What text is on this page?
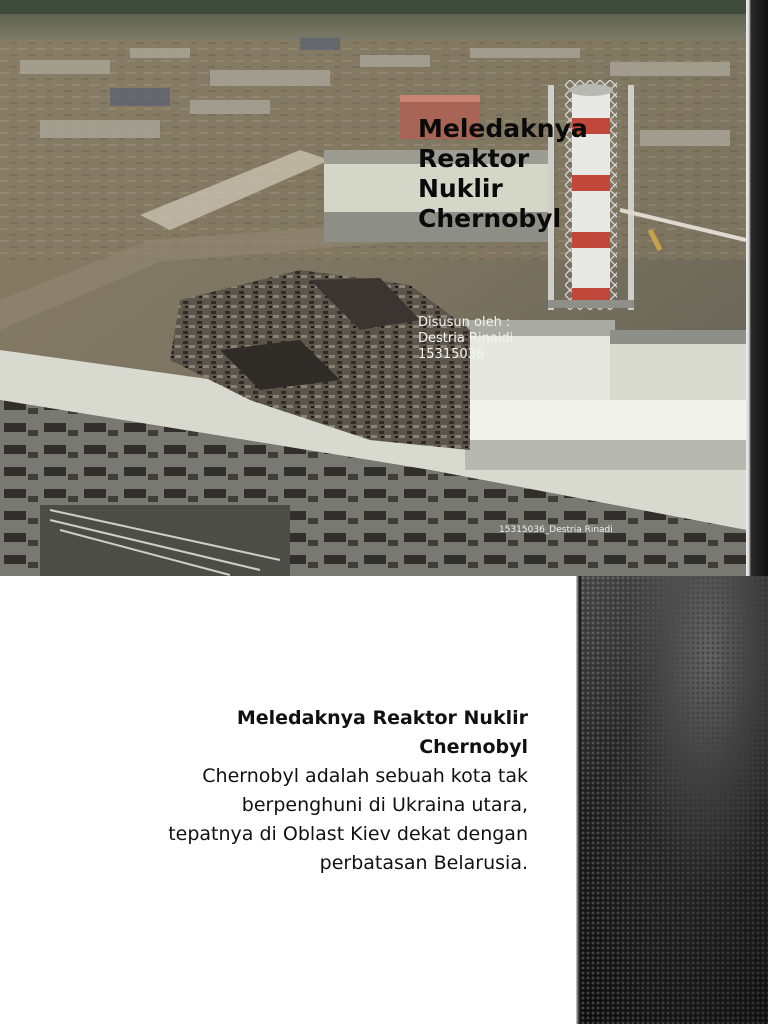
Meledaknya
Reaktor
Nuklir
Chernobyl
Disusun oleh :
Destria Rinaidi
15315036
15315036_Destria Rinadi
Meledaknya Reaktor Nuklir
Chernobyl

Chernobyl adalah sebuah kota tak
berpenghuni di Ukraina utara,
tepatnya di Oblast Kiev dekat dengan
perbatasan Belarusia.
